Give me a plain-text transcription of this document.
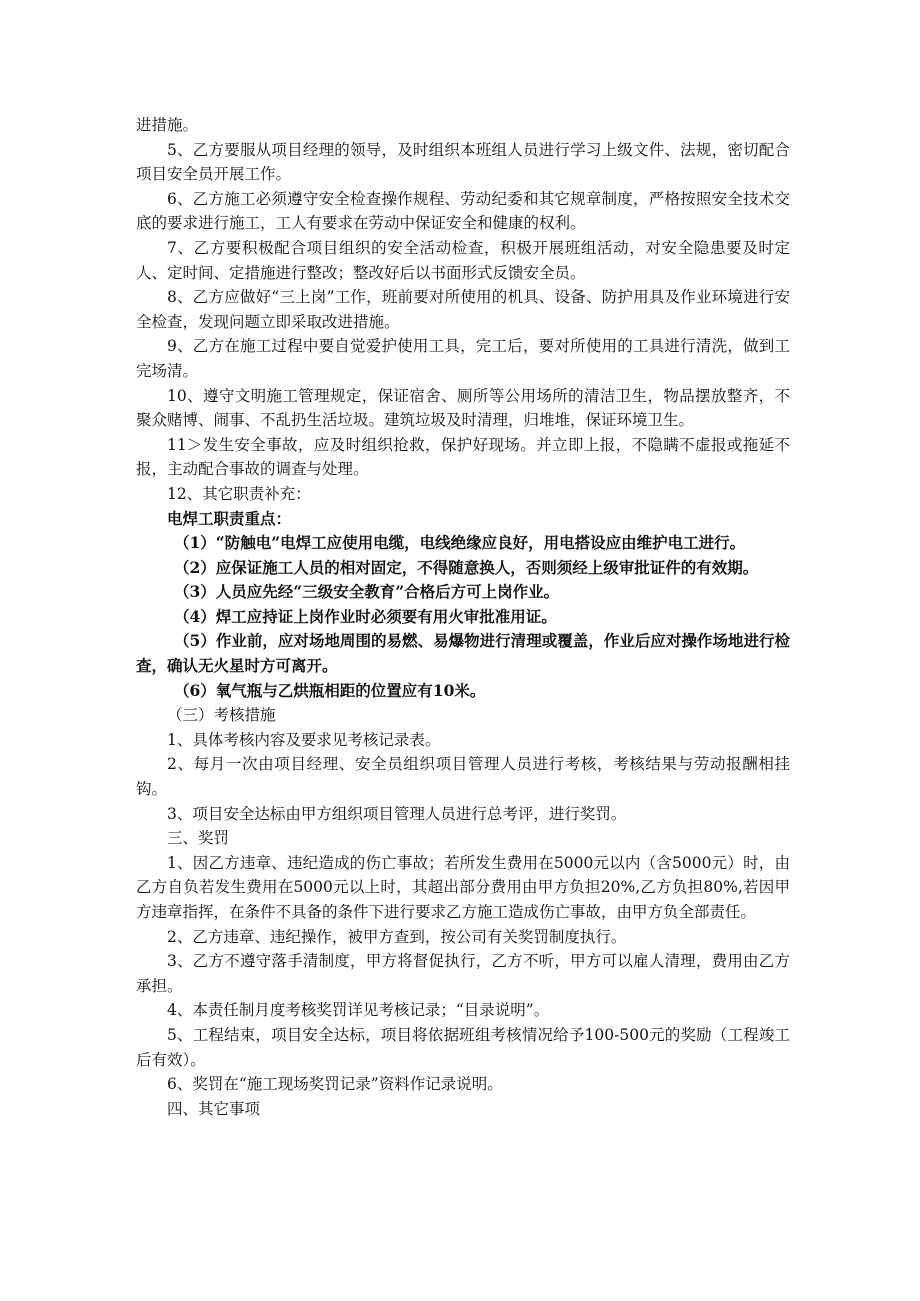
进措施。

5、乙方要服从项目经理的领导，及时组织本班组人员进行学习上级文件、法规，密切配合项目安全员开展工作。

6、乙方施工必须遵守安全检查操作规程、劳动纪委和其它规章制度，严格按照安全技术交底的要求进行施工，工人有要求在劳动中保证安全和健康的权利。

7、乙方要积极配合项目组织的安全活动检查，积极开展班组活动，对安全隐患要及时定人、定时间、定措施进行整改；整改好后以书面形式反馈安全员。

8、乙方应做好“三上岗”工作，班前要对所使用的机具、设备、防护用具及作业环境进行安全检查，发现问题立即采取改进措施。

9、乙方在施工过程中要自觉爱护使用工具，完工后，要对所使用的工具进行清洗，做到工完场清。

10、遵守文明施工管理规定，保证宿舍、厕所等公用场所的清洁卫生，物品摆放整齐，不聚众赌博、闹事、不乱扔生活垃圾。建筑垃圾及时清理，归堆堆，保证环境卫生。

11＞发生安全事故，应及时组织抢救，保护好现场。并立即上报，不隐瞒不虚报或拖延不报，主动配合事故的调查与处理。

12、其它职责补充：

电焊工职责重点：

（1）“防触电”电焊工应使用电缆，电线绝缘应良好，用电搭设应由维护电工进行。

（2）应保证施工人员的相对固定，不得随意换人，否则须经上级审批证件的有效期。

（3）人员应先经“三级安全教育”合格后方可上岗作业。

（4）焊工应持证上岗作业时必须要有用火审批准用证。

（5）作业前，应对场地周围的易燃、易爆物进行清理或覆盖，作业后应对操作场地进行检查，确认无火星时方可离开。

（6）氧气瓶与乙烘瓶相距的位置应有10米。

（三）考核措施

1、具体考核内容及要求见考核记录表。

2、每月一次由项目经理、安全员组织项目管理人员进行考核，考核结果与劳动报酬相挂钩。

3、项目安全达标由甲方组织项目管理人员进行总考评，进行奖罚。

三、奖罚

1、因乙方违章、违纪造成的伤亡事故；若所发生费用在5000元以内（含5000元）时，由乙方自负若发生费用在5000元以上时，其超出部分费用由甲方负担20%,乙方负担80%,若因甲方违章指挥，在条件不具备的条件下进行要求乙方施工造成伤亡事故，由甲方负全部责任。

2、乙方违章、违纪操作，被甲方查到，按公司有关奖罚制度执行。

3、乙方不遵守落手清制度，甲方将督促执行，乙方不听，甲方可以雇人清理，费用由乙方承担。

4、本责任制月度考核奖罚详见考核记录；“目录说明”。

5、工程结束，项目安全达标，项目将依据班组考核情况给予100-500元的奖励（工程竣工后有效）。

6、奖罚在“施工现场奖罚记录”资料作记录说明。

四、其它事项
